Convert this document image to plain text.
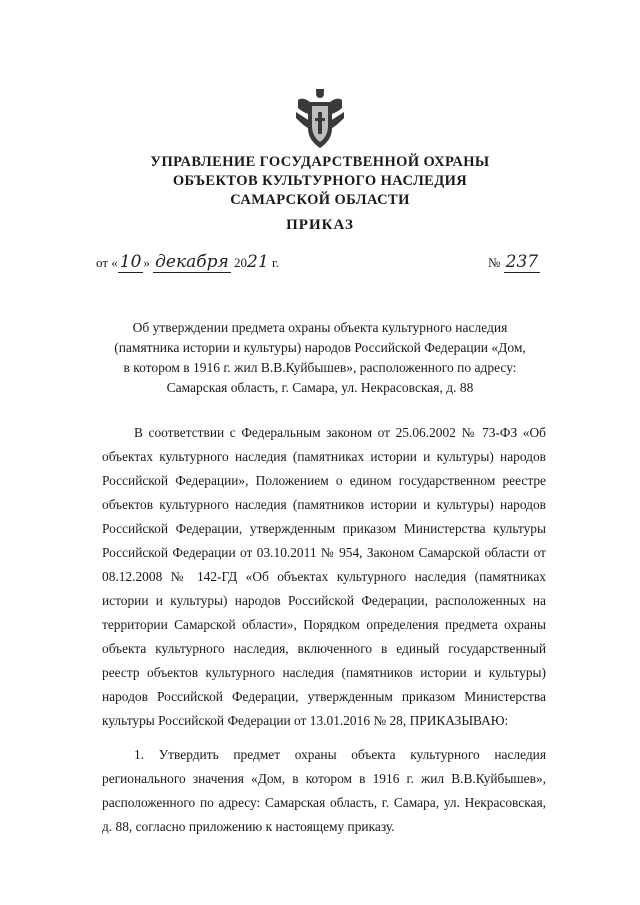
УПРАВЛЕНИЕ ГОСУДАРСТВЕННОЙ ОХРАНЫ
ОБЪЕКТОВ КУЛЬТУРНОГО НАСЛЕДИЯ
САМАРСКОЙ ОБЛАСТИ
ПРИКАЗ
от « 10 » декабря 2021 г.	№ 237
Об утверждении предмета охраны объекта культурного наследия
(памятника истории и культуры) народов Российской Федерации «Дом,
в котором в 1916 г. жил В.В.Куйбышев», расположенного по адресу:
Самарская область, г. Самара, ул. Некрасовская, д. 88

В соответствии с Федеральным законом от 25.06.2002 № 73-ФЗ «Об объектах культурного наследия (памятниках истории и культуры) народов Российской Федерации», Положением о едином государственном реестре объектов культурного наследия (памятников истории и культуры) народов Российской Федерации, утвержденным приказом Министерства культуры Российской Федерации от 03.10.2011 № 954, Законом Самарской области от 08.12.2008 № 142-ГД «Об объектах культурного наследия (памятниках истории и культуры) народов Российской Федерации, расположенных на территории Самарской области», Порядком определения предмета охраны объекта культурного наследия, включенного в единый государственный реестр объектов культурного наследия (памятников истории и культуры) народов Российской Федерации, утвержденным приказом Министерства культуры Российской Федерации от 13.01.2016 № 28, ПРИКАЗЫВАЮ:

1. Утвердить предмет охраны объекта культурного наследия регионального значения «Дом, в котором в 1916 г. жил В.В.Куйбышев», расположенного по адресу: Самарская область, г. Самара, ул. Некрасовская, д. 88, согласно приложению к настоящему приказу.
